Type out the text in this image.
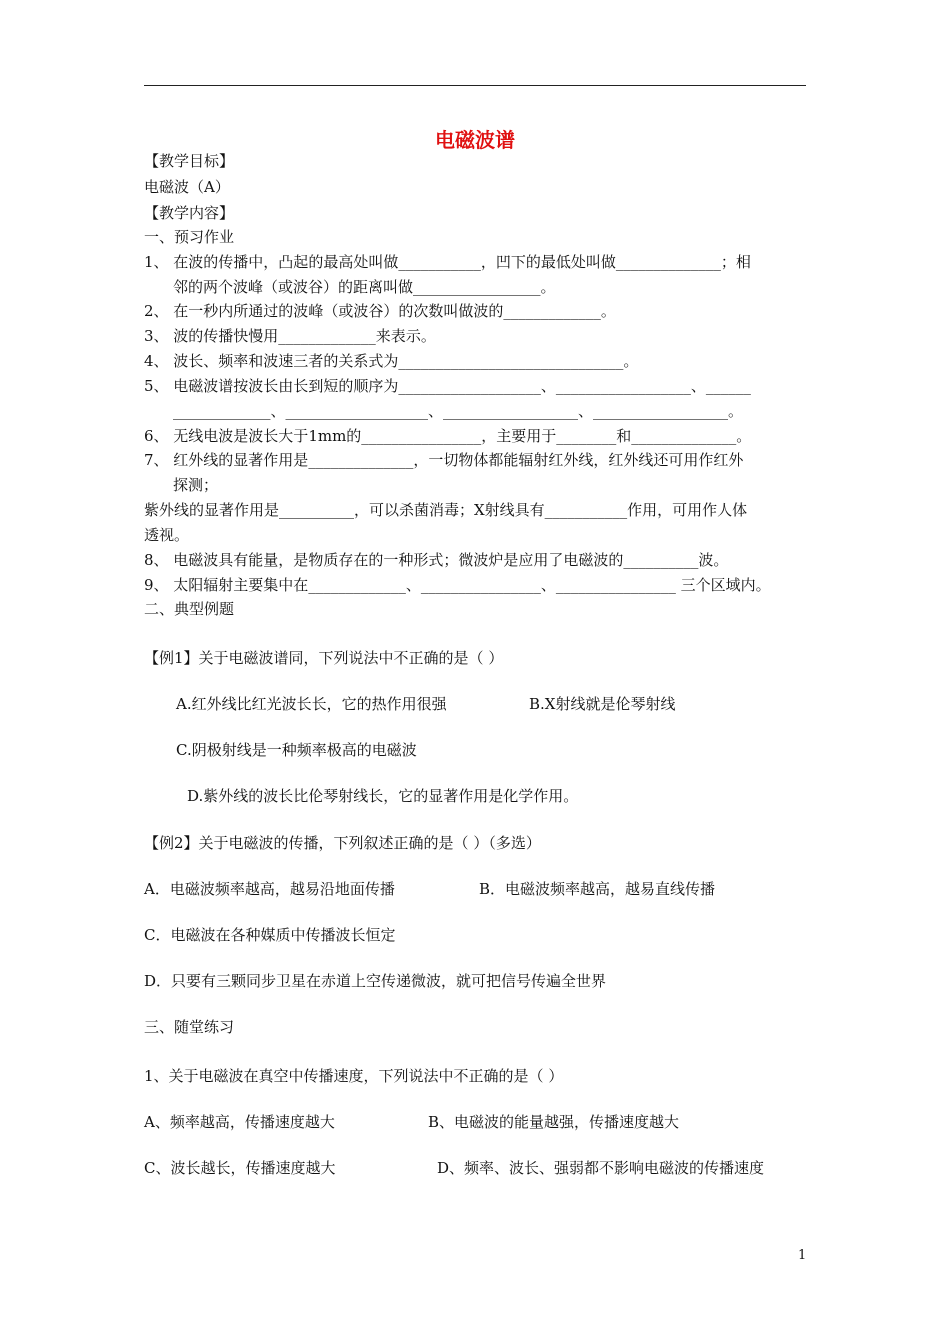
电磁波谱
【教学目标】
电磁波（A）
【教学内容】
一、预习作业
1、 在波的传播中，凸起的最高处叫做___________，凹下的最低处叫做______________；相
邻的两个波峰（或波谷）的距离叫做_________________。
2、 在一秒内所通过的波峰（或波谷）的次数叫做波的_____________。
3、 波的传播快慢用_____________来表示。
4、 波长、频率和波速三者的关系式为______________________________。
5、 电磁波谱按波长由长到短的顺序为___________________、__________________、______
_____________、___________________、__________________、__________________。
6、 无线电波是波长大于1mm的________________，主要用于________和______________。
7、 红外线的显著作用是______________，一切物体都能辐射红外线，红外线还可用作红外
探测；
紫外线的显著作用是__________，可以杀菌消毒；X射线具有___________作用，可用作人体
透视。
8、 电磁波具有能量，是物质存在的一种形式；微波炉是应用了电磁波的__________波。
9、 太阳辐射主要集中在_____________、________________、________________ 三个区域内。
二、典型例题
【例1】关于电磁波谱同，下列说法中不正确的是（ ）
A.红外线比红光波长长，它的热作用很强	B.X射线就是伦琴射线
C.阴极射线是一种频率极高的电磁波
D.紫外线的波长比伦琴射线长，它的显著作用是化学作用。
【例2】关于电磁波的传播，下列叙述正确的是（ ）（多选）
A．电磁波频率越高，越易沿地面传播	B．电磁波频率越高，越易直线传播
C．电磁波在各种媒质中传播波长恒定
D．只要有三颗同步卫星在赤道上空传递微波，就可把信号传遍全世界
三、随堂练习
1、关于电磁波在真空中传播速度，下列说法中不正确的是（ ）
A、频率越高，传播速度越大	B、电磁波的能量越强，传播速度越大
C、波长越长，传播速度越大	D、频率、波长、强弱都不影响电磁波的传播速度
1
